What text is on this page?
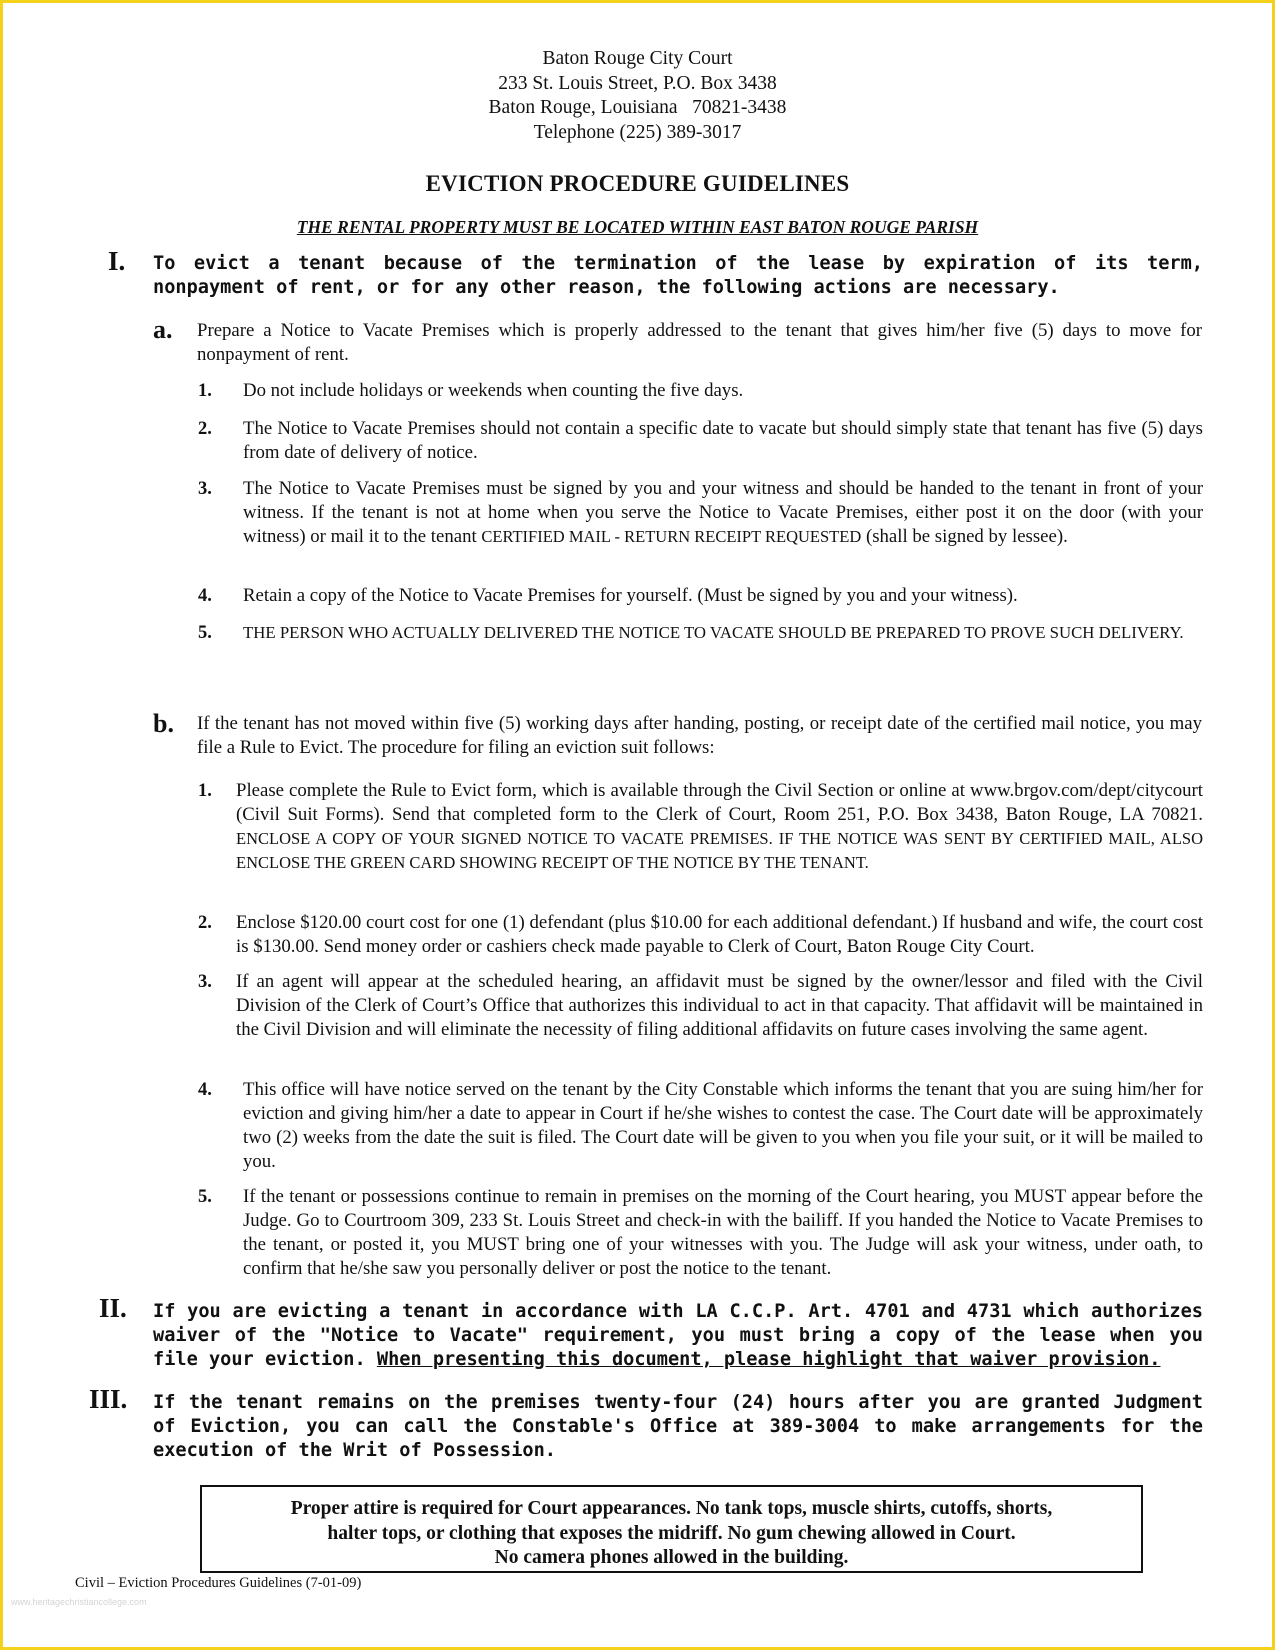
Baton Rouge City Court
233 St. Louis Street, P.O. Box 3438
Baton Rouge, Louisiana   70821-3438
Telephone (225) 389-3017
EVICTION PROCEDURE GUIDELINES
THE RENTAL PROPERTY MUST BE LOCATED WITHIN EAST BATON ROUGE PARISH
I. To evict a tenant because of the termination of the lease by expiration of its term, nonpayment of rent, or for any other reason, the following actions are necessary.
a. Prepare a Notice to Vacate Premises which is properly addressed to the tenant that gives him/her five (5) days to move for nonpayment of rent.
1. Do not include holidays or weekends when counting the five days.
2. The Notice to Vacate Premises should not contain a specific date to vacate but should simply state that tenant has five (5) days from date of delivery of notice.
3. The Notice to Vacate Premises must be signed by you and your witness and should be handed to the tenant in front of your witness. If the tenant is not at home when you serve the Notice to Vacate Premises, either post it on the door (with your witness) or mail it to the tenant CERTIFIED MAIL - RETURN RECEIPT REQUESTED (shall be signed by lessee).
4. Retain a copy of the Notice to Vacate Premises for yourself. (Must be signed by you and your witness).
5. THE PERSON WHO ACTUALLY DELIVERED THE NOTICE TO VACATE SHOULD BE PREPARED TO PROVE SUCH DELIVERY.
b. If the tenant has not moved within five (5) working days after handing, posting, or receipt date of the certified mail notice, you may file a Rule to Evict. The procedure for filing an eviction suit follows:
1. Please complete the Rule to Evict form, which is available through the Civil Section or online at www.brgov.com/dept/citycourt (Civil Suit Forms). Send that completed form to the Clerk of Court, Room 251, P.O. Box 3438, Baton Rouge, LA 70821. ENCLOSE A COPY OF YOUR SIGNED NOTICE TO VACATE PREMISES. IF THE NOTICE WAS SENT BY CERTIFIED MAIL, ALSO ENCLOSE THE GREEN CARD SHOWING RECEIPT OF THE NOTICE BY THE TENANT.
2. Enclose $120.00 court cost for one (1) defendant (plus $10.00 for each additional defendant.) If husband and wife, the court cost is $130.00. Send money order or cashiers check made payable to Clerk of Court, Baton Rouge City Court.
3. If an agent will appear at the scheduled hearing, an affidavit must be signed by the owner/lessor and filed with the Civil Division of the Clerk of Court’s Office that authorizes this individual to act in that capacity. That affidavit will be maintained in the Civil Division and will eliminate the necessity of filing additional affidavits on future cases involving the same agent.
4. This office will have notice served on the tenant by the City Constable which informs the tenant that you are suing him/her for eviction and giving him/her a date to appear in Court if he/she wishes to contest the case. The Court date will be approximately two (2) weeks from the date the suit is filed. The Court date will be given to you when you file your suit, or it will be mailed to you.
5. If the tenant or possessions continue to remain in premises on the morning of the Court hearing, you MUST appear before the Judge. Go to Courtroom 309, 233 St. Louis Street and check-in with the bailiff. If you handed the Notice to Vacate Premises to the tenant, or posted it, you MUST bring one of your witnesses with you. The Judge will ask your witness, under oath, to confirm that he/she saw you personally deliver or post the notice to the tenant.
II. If you are evicting a tenant in accordance with LA C.C.P. Art. 4701 and 4731 which authorizes waiver of the "Notice to Vacate" requirement, you must bring a copy of the lease when you file your eviction. When presenting this document, please highlight that waiver provision.
III. If the tenant remains on the premises twenty-four (24) hours after you are granted Judgment of Eviction, you can call the Constable's Office at 389-3004 to make arrangements for the execution of the Writ of Possession.
Proper attire is required for Court appearances. No tank tops, muscle shirts, cutoffs, shorts,
halter tops, or clothing that exposes the midriff. No gum chewing allowed in Court.
No camera phones allowed in the building.
Civil – Eviction Procedures Guidelines (7-01-09)
www.heritagechristiancollege.com
